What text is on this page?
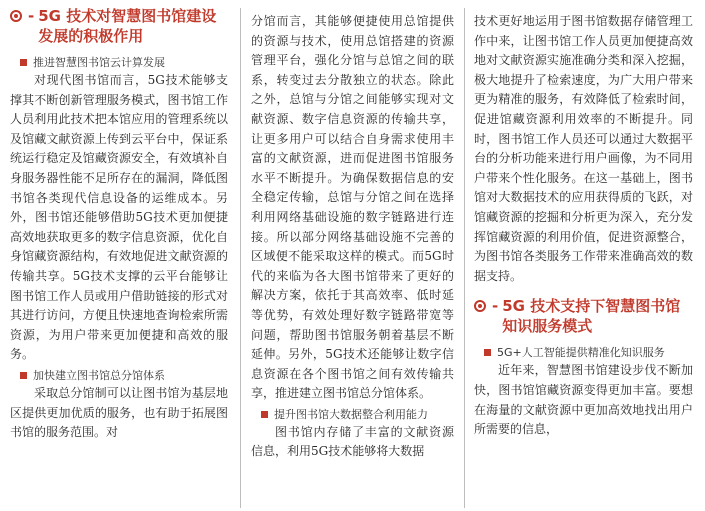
- 5G 技术对智慧图书馆建设发展的积极作用
推进智慧图书馆云计算发展

对现代图书馆而言，5G技术能够支撑其不断创新管理服务模式，图书馆工作人员利用此技术把本馆应用的管理系统以及馆藏文献资源上传到云平台中，保证系统运行稳定及馆藏资源安全，有效填补自身服务器性能不足所存在的漏洞，降低图书馆各类现代信息设备的运维成本。另外，图书馆还能够借助5G技术更加便捷高效地获取更多的数字信息资源，优化自身馆藏资源结构，有效地促进文献资源的传输共享。5G技术支撑的云平台能够让图书馆工作人员或用户借助链接的形式对其进行访问，方便且快速地查询检索所需资源，为用户带来更加便捷和高效的服务。

加快建立图书馆总分馆体系

采取总分馆制可以让图书馆为基层地区提供更加优质的服务，也有助于拓展图书馆的服务范围。对

分馆而言，其能够便捷使用总馆提供的资源与技术，使用总馆搭建的资源管理平台，强化分馆与总馆之间的联系，转变过去分散独立的状态。除此之外，总馆与分馆之间能够实现对文献资源、数字信息资源的传输共享，让更多用户可以结合自身需求使用丰富的文献资源，进而促进图书馆服务水平不断提升。为确保数据信息的安全稳定传输，总馆与分馆之间在选择利用网络基础设施的数字链路进行连接。所以部分网络基础设施不完善的区域便不能采取这样的模式。而5G时代的来临为各大图书馆带来了更好的解决方案，依托于其高效率、低时延等优势，有效处理好数字链路带宽等问题，帮助图书馆服务朝着基层不断延伸。另外，5G技术还能够让数字信息资源在各个图书馆之间有效传输共享，推进建立图书馆总分馆体系。

提升图书馆大数据整合利用能力

图书馆内存储了丰富的文献资源信息，利用5G技术能够将大数据

技术更好地运用于图书馆数据存储管理工作中来，让图书馆工作人员更加便捷高效地对文献资源实施准确分类和深入挖掘，极大地提升了检索速度，为广大用户带来更为精准的服务，有效降低了检索时间，促进馆藏资源利用效率的不断提升。同时，图书馆工作人员还可以通过大数据平台的分析功能来进行用户画像，为不同用户带来个性化服务。在这一基础上，图书馆对大数据技术的应用获得质的飞跃，对馆藏资源的挖掘和分析更为深入，充分发挥馆藏资源的利用价值，促进资源整合，为图书馆各类服务工作带来准确高效的数据支持。

- 5G 技术支持下智慧图书馆知识服务模式
5G+人工智能提供精准化知识服务

近年来，智慧图书馆建设步伐不断加快，图书馆馆藏资源变得更加丰富。要想在海量的文献资源中更加高效地找出用户所需要的信息，
